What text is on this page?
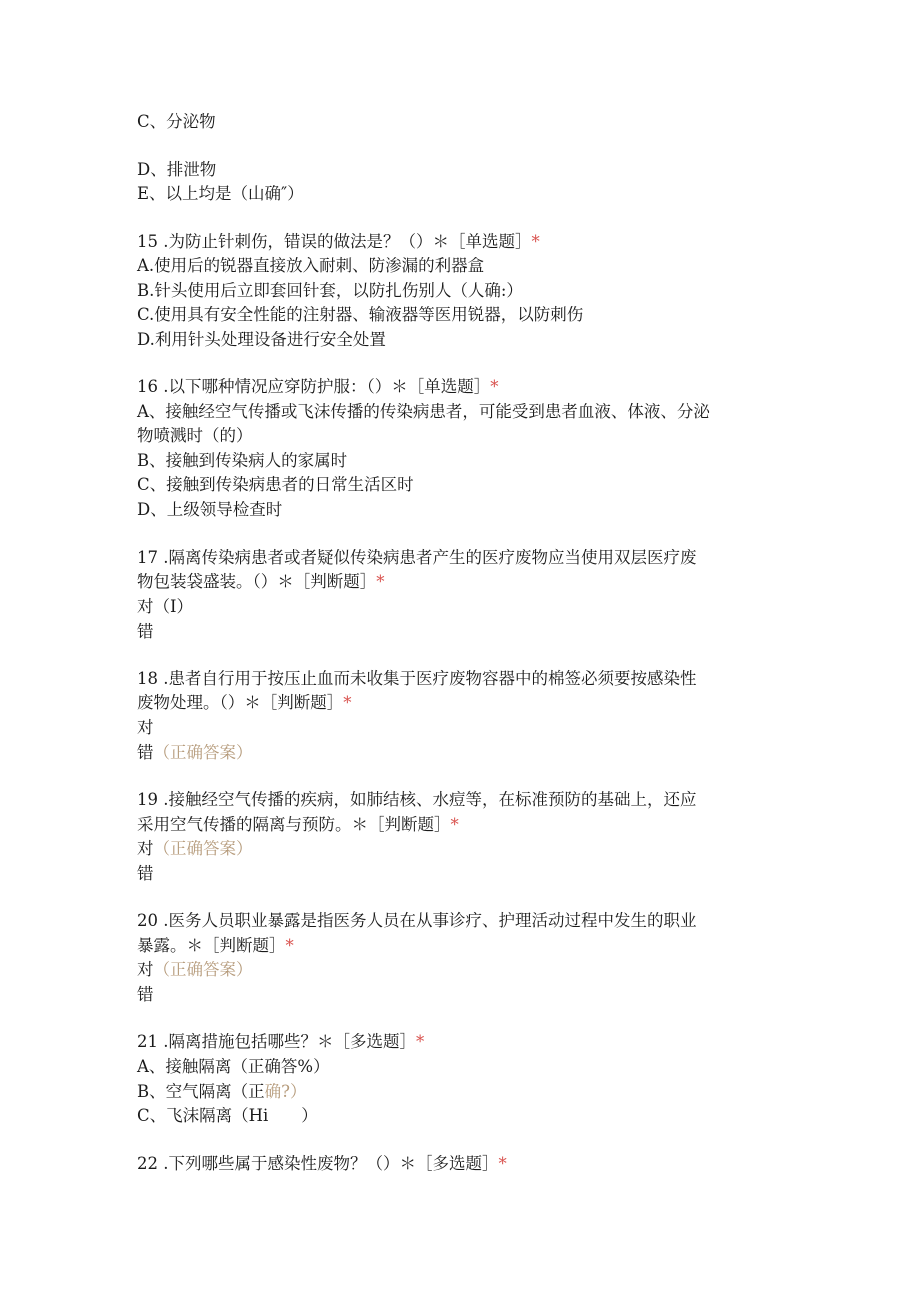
C、分泌物
D、排泄物
E、以上均是（山确″）
15 .为防止针刺伤，错误的做法是？（）＊［单选题］*
A.使用后的锐器直接放入耐刺、防渗漏的利器盒
B.针头使用后立即套回针套，以防扎伤别人（人确:）
C.使用具有安全性能的注射器、输液器等医用锐器，以防刺伤
D.利用针头处理设备进行安全处置
16 .以下哪种情况应穿防护服：（）＊［单选题］*
A、接触经空气传播或飞沫传播的传染病患者，可能受到患者血液、体液、分泌
物喷溅时（的）
B、接触到传染病人的家属时
C、接触到传染病患者的日常生活区时
D、上级领导检查时
17 .隔离传染病患者或者疑似传染病患者产生的医疗废物应当使用双层医疗废
物包装袋盛装。（）＊［判断题］*
对（I）
错
18 .患者自行用于按压止血而未收集于医疗废物容器中的棉签必须要按感染性
废物处理。（）＊［判断题］*
对
错（正确答案）
19 .接触经空气传播的疾病，如肺结核、水痘等，在标准预防的基础上，还应
采用空气传播的隔离与预防。＊［判断题］*
对（正确答案）
错
20 .医务人员职业暴露是指医务人员在从事诊疗、护理活动过程中发生的职业
暴露。＊［判断题］*
对（正确答案）
错
21 .隔离措施包括哪些？＊［多选题］*
A、接触隔离（正确答%）
B、空气隔离（正确?）
C、飞沫隔离（Hi　　）
22 .下列哪些属于感染性废物？（）＊［多选题］*
